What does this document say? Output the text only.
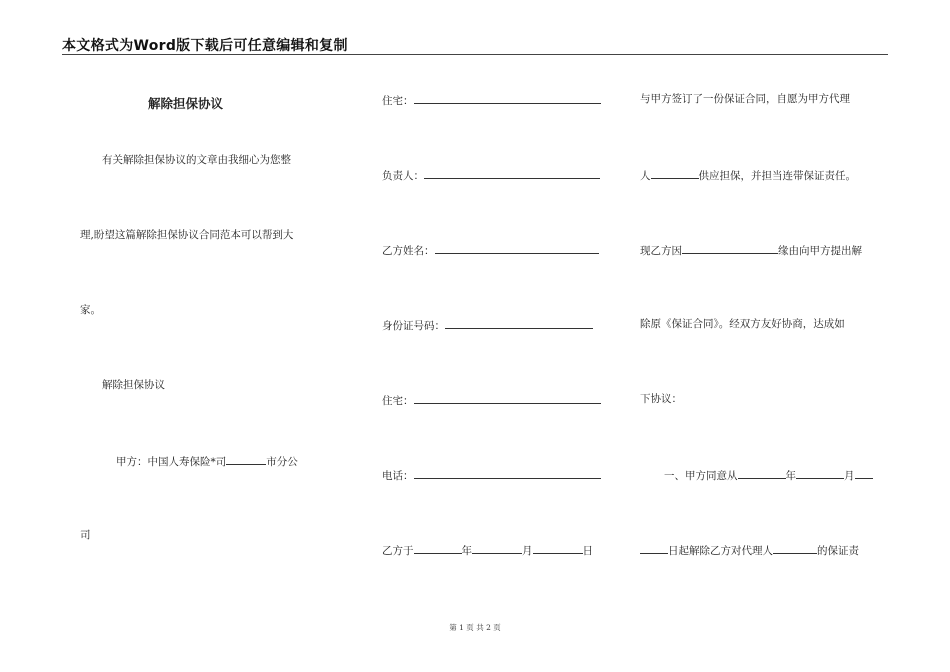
本文格式为Word版下载后可任意编辑和复制
解除担保协议
有关解除担保协议的文章由我细心为您整
理,盼望这篇解除担保协议合同范本可以帮到大
家。
解除担保协议
甲方：中国人寿保险*司	市分公
司
住宅：
负责人：
乙方姓名：
身份证号码：
住宅：
电话：
乙方于	年	月	日
与甲方签订了一份保证合同，自愿为甲方代理
人	供应担保，并担当连带保证责任。
现乙方因	缘由向甲方提出解
除原《保证合同》。经双方友好协商，达成如
下协议：
一、甲方同意从	年	月
日起解除乙方对代理人	的保证责
第 1 页 共 2 页
